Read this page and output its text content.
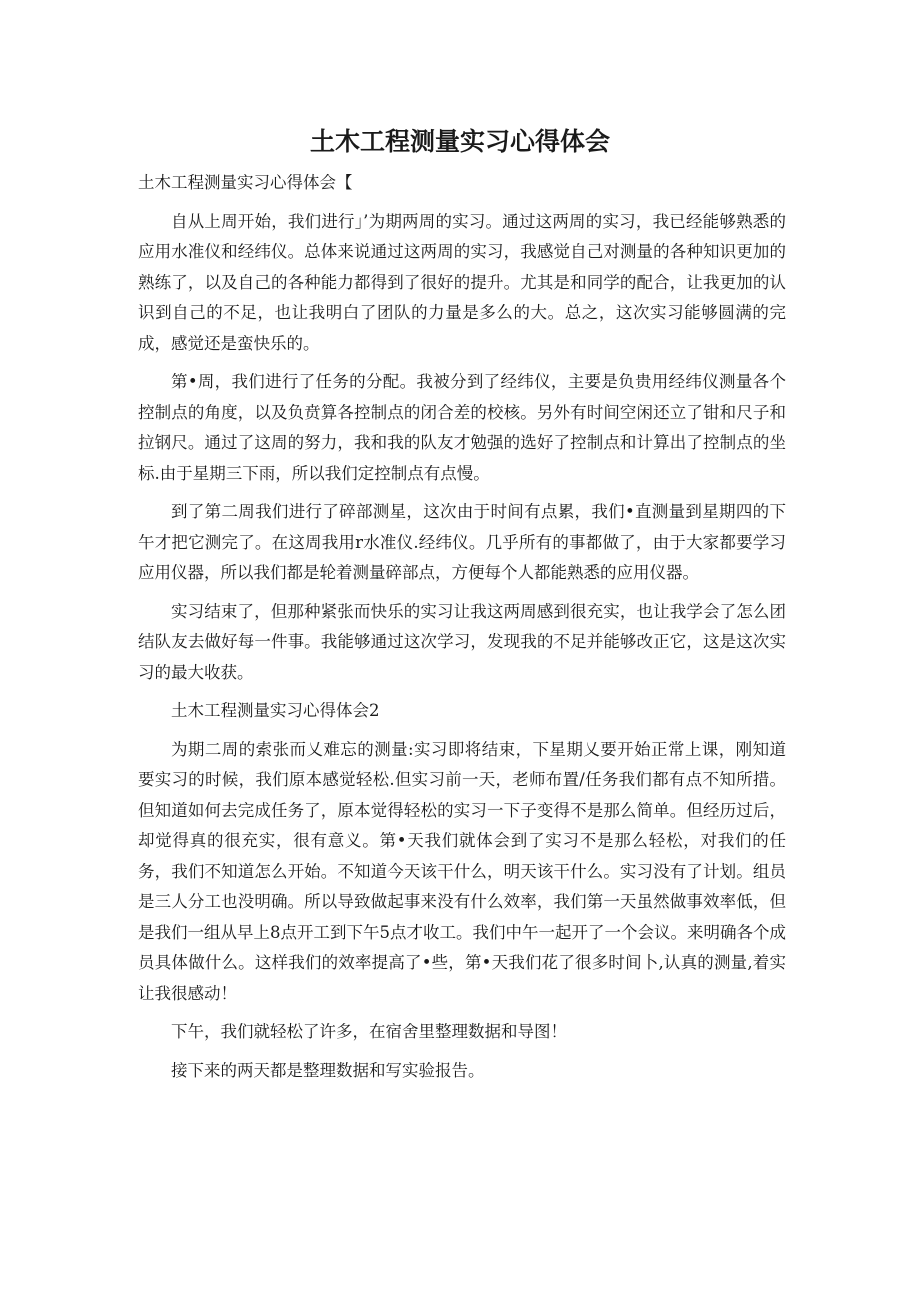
土木工程测量实习心得体会

土木工程测量实习心得体会【

自从上周开始，我们进行」’为期两周的实习。通过这两周的实习，我已经能够熟悉的应用水准仪和经纬仪。总体来说通过这两周的实习，我感觉自己对测量的各种知识更加的熟练了，以及自己的各种能力都得到了很好的提升。尤其是和同学的配合，让我更加的认识到自己的不足，也让我明白了团队的力量是多么的大。总之，这次实习能够圆满的完成，感觉还是蛮快乐的。

第•周，我们进行了任务的分配。我被分到了经纬仪，主要是负贵用经纬仪测量各个控制点的角度，以及负贲算各控制点的闭合差的校核。另外有时间空闲还立了钳和尺子和拉钢尺。通过了这周的努力，我和我的队友才勉强的选好了控制点和计算出了控制点的坐标.由于星期三下雨，所以我们定控制点有点慢。

到了第二周我们进行了碎部测星，这次由于时间有点累，我们•直测量到星期四的下午才把它测完了。在这周我用r水准仪.经纬仪。几乎所有的事都做了，由于大家都要学习应用仪器，所以我们都是轮着测量碎部点，方便每个人都能熟悉的应用仪器。

实习结束了，但那种紧张而快乐的实习让我这两周感到很充实，也让我学会了怎么团结队友去做好每一件事。我能够通过这次学习，发现我的不足并能够改正它，这是这次实习的最大收获。

土木工程测量实习心得体会2

为期二周的索张而乂难忘的测量:实习即将结束，下星期乂要开始正常上课，刚知道要实习的时候，我们原本感觉轻松.但实习前一天，老师布置/任务我们都有点不知所措。但知道如何去完成任务了，原本觉得轻松的实习一下子变得不是那么简单。但经历过后，却觉得真的很充实，很有意义。第•天我们就体会到了实习不是那么轻松，对我们的任务，我们不知道怎么开始。不知道今天该干什么，明天该干什么。实习没有了计划。组员是三人分工也没明确。所以导致做起事来没有什么效率，我们第一天虽然做事效率低，但是我们一组从早上8点开工到下午5点才收工。我们中午一起开了一个会议。来明确各个成员具体做什么。这样我们的效率提高了•些，第•天我们花了很多时间卜,认真的测量,着实让我很感动！

下午，我们就轻松了许多，在宿舍里整理数据和导图！

接下来的两天都是整理数据和写实验报告。
